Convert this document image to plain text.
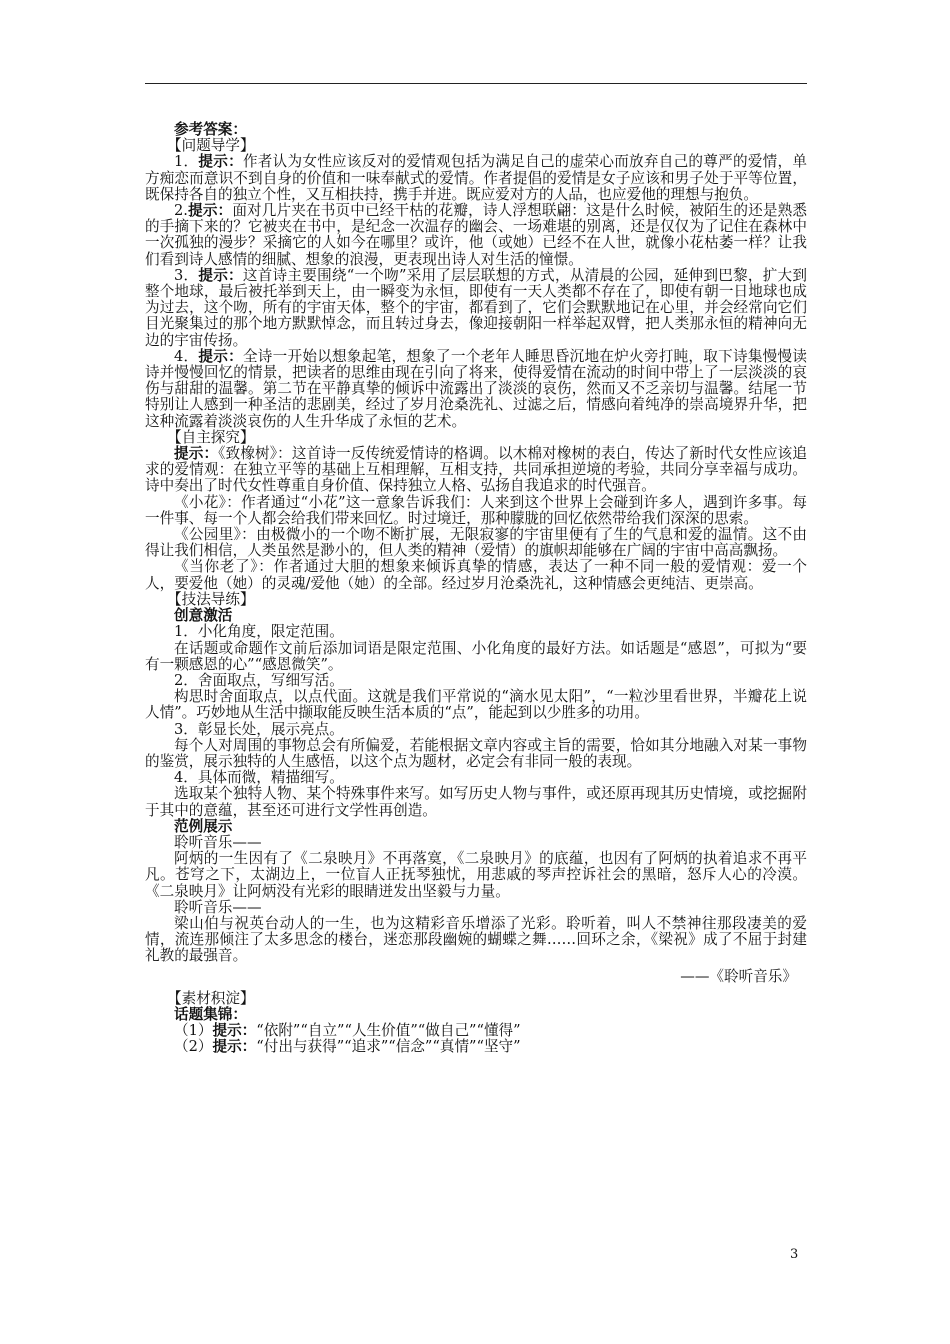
参考答案：

【问题导学】

1．提示：作者认为女性应该反对的爱情观包括为满足自己的虚荣心而放弃自己的尊严的爱情，单方痴恋而意识不到自身的价值和一味奉献式的爱情。作者提倡的爱情是女子应该和男子处于平等位置，既保持各自的独立个性，又互相扶持，携手并进。既应爱对方的人品，也应爱他的理想与抱负。

2.提示：面对几片夹在书页中已经干枯的花瓣，诗人浮想联翩：这是什么时候，被陌生的还是熟悉的手摘下来的？它被夹在书中，是纪念一次温存的幽会、一场难堪的别离，还是仅仅为了记住在森林中一次孤独的漫步？采摘它的人如今在哪里？或许，他（或她）已经不在人世，就像小花枯萎一样？让我们看到诗人感情的细腻、想象的浪漫，更表现出诗人对生活的憧憬。

3．提示：这首诗主要围绕“一个吻”采用了层层联想的方式，从清晨的公园，延伸到巴黎，扩大到整个地球，最后被托举到天上，由一瞬变为永恒，即使有一天人类都不存在了，即使有朝一日地球也成为过去，这个吻，所有的宇宙天体，整个的宇宙，都看到了，它们会默默地记在心里，并会经常向它们目光聚集过的那个地方默默悼念，而且转过身去，像迎接朝阳一样举起双臂，把人类那永恒的精神向无边的宇宙传扬。

4．提示：全诗一开始以想象起笔，想象了一个老年人睡思昏沉地在炉火旁打盹，取下诗集慢慢读诗并慢慢回忆的情景，把读者的思维由现在引向了将来，使得爱情在流动的时间中带上了一层淡淡的哀伤与甜甜的温馨。第二节在平静真挚的倾诉中流露出了淡淡的哀伤，然而又不乏亲切与温馨。结尾一节特别让人感到一种圣洁的悲剧美，经过了岁月沧桑洗礼、过滤之后，情感向着纯净的崇高境界升华，把这种流露着淡淡哀伤的人生升华成了永恒的艺术。

【自主探究】

提示：《致橡树》：这首诗一反传统爱情诗的格调。以木棉对橡树的表白，传达了新时代女性应该追求的爱情观：在独立平等的基础上互相理解，互相支持，共同承担逆境的考验，共同分享幸福与成功。诗中奏出了时代女性尊重自身价值、保持独立人格、弘扬自我追求的时代强音。

《小花》：作者通过“小花”这一意象告诉我们：人来到这个世界上会碰到许多人，遇到许多事。每一件事、每一个人都会给我们带来回忆。时过境迁，那种朦胧的回忆依然带给我们深深的思索。

《公园里》：由极微小的一个吻不断扩展，无限寂寥的宇宙里便有了生的气息和爱的温情。这不由得让我们相信，人类虽然是渺小的，但人类的精神（爱情）的旗帜却能够在广阔的宇宙中高高飘扬。

《当你老了》：作者通过大胆的想象来倾诉真挚的情感，表达了一种不同一般的爱情观：爱一个人，要爱他（她）的灵魂/爱他（她）的全部。经过岁月沧桑洗礼，这种情感会更纯洁、更崇高。

【技法导练】

创意激活

1．小化角度，限定范围。

在话题或命题作文前后添加词语是限定范围、小化角度的最好方法。如话题是“感恩”，可拟为“要有一颗感恩的心”“感恩微笑”。

2．舍面取点，写细写活。

构思时舍面取点，以点代面。这就是我们平常说的“滴水见太阳”，“一粒沙里看世界，半瓣花上说人情”。巧妙地从生活中撷取能反映生活本质的“点”，能起到以少胜多的功用。

3．彰显长处，展示亮点。

每个人对周围的事物总会有所偏爱，若能根据文章内容或主旨的需要，恰如其分地融入对某一事物的鉴赏，展示独特的人生感悟，以这个点为题材，必定会有非同一般的表现。

4．具体而微，精描细写。

选取某个独特人物、某个特殊事件来写。如写历史人物与事件，或还原再现其历史情境，或挖掘附于其中的意蕴，甚至还可进行文学性再创造。

范例展示

聆听音乐——

阿炳的一生因有了《二泉映月》不再落寞，《二泉映月》的底蕴，也因有了阿炳的执着追求不再平凡。苍穹之下，太湖边上，一位盲人正抚琴独忧，用悲戚的琴声控诉社会的黑暗，怒斥人心的冷漠。《二泉映月》让阿炳没有光彩的眼睛迸发出坚毅与力量。

聆听音乐——

梁山伯与祝英台动人的一生，也为这精彩音乐增添了光彩。聆听着，叫人不禁神往那段凄美的爱情，流连那倾注了太多思念的楼台，迷恋那段幽婉的蝴蝶之舞……回环之余，《梁祝》成了不屈于封建礼教的最强音。

——《聆听音乐》

【素材积淀】

话题集锦：

（1）提示：“依附”“自立”“人生价值”“做自己”“懂得”

（2）提示：“付出与获得”“追求”“信念”“真情”“坚守”

3
